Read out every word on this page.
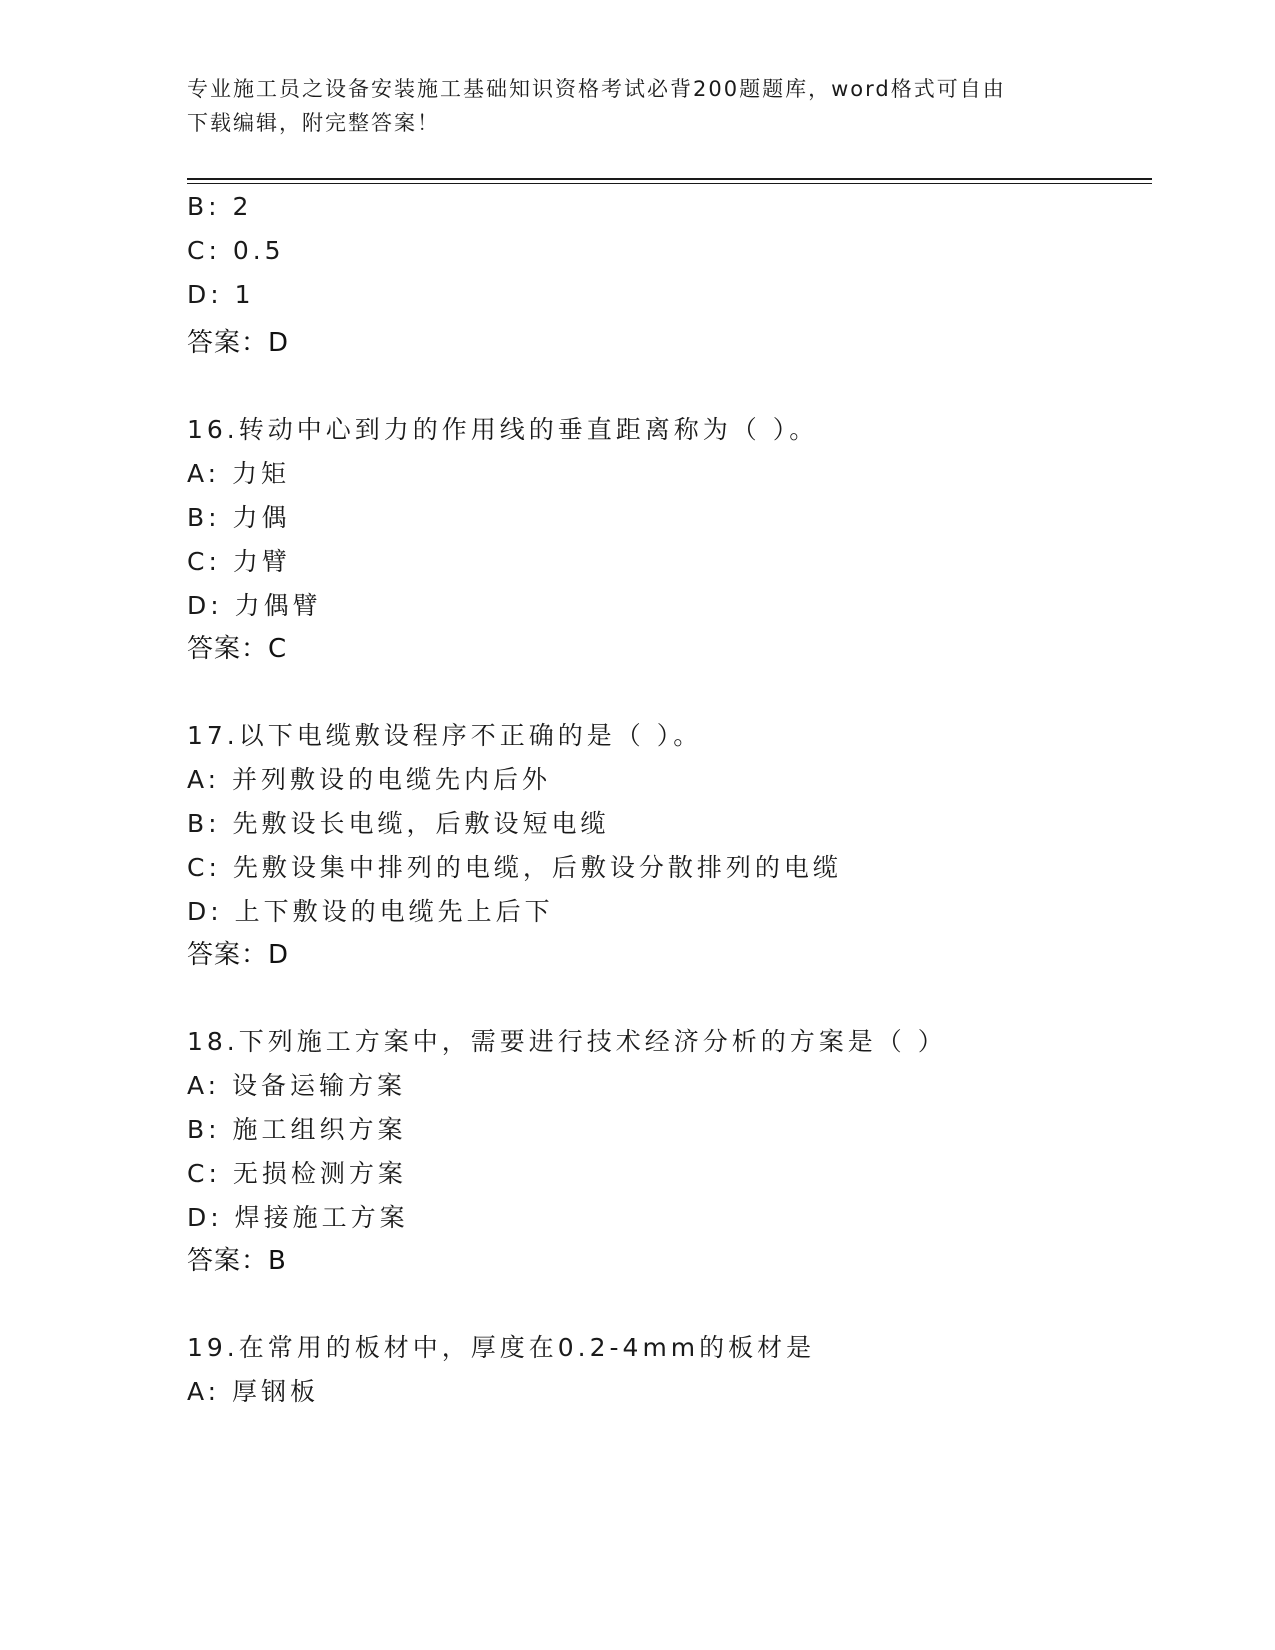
专业施工员之设备安装施工基础知识资格考试必背200题题库，word格式可自由
下载编辑，附完整答案！
B: 2
C: 0.5
D: 1
答案：D
16.转动中心到力的作用线的垂直距离称为（ ）。
A: 力矩
B: 力偶
C: 力臂
D: 力偶臂
答案：C
17.以下电缆敷设程序不正确的是（ ）。
A: 并列敷设的电缆先内后外
B: 先敷设长电缆，后敷设短电缆
C: 先敷设集中排列的电缆，后敷设分散排列的电缆
D: 上下敷设的电缆先上后下
答案：D
18.下列施工方案中，需要进行技术经济分析的方案是（ ）
A: 设备运输方案
B: 施工组织方案
C: 无损检测方案
D: 焊接施工方案
答案：B
19.在常用的板材中，厚度在0.2-4mm的板材是
A: 厚钢板
